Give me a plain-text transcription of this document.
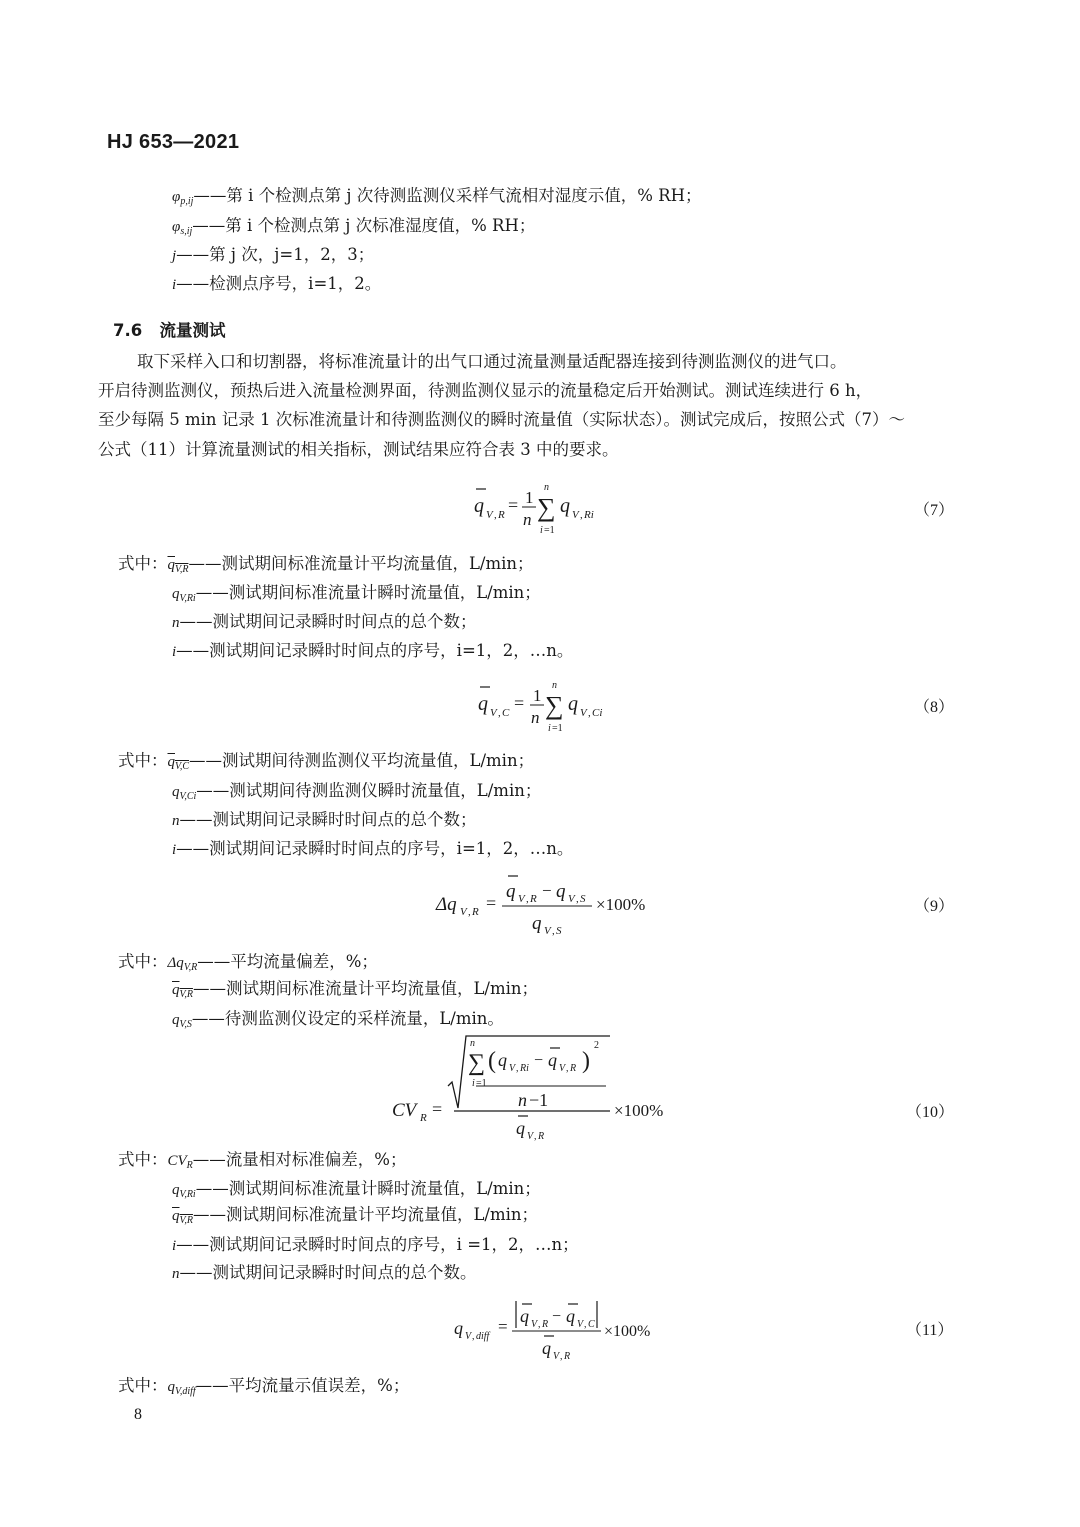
HJ 653—2021
$\varphi_{p,ij}——$第 i 个检测点第 j 次待测监测仪采样气流相对湿度示值，% RH；
$\varphi_{s,ij}——$第 i 个检测点第 j 次标准湿度值，% RH；
j——第 j 次，j=1，2，3；
i——检测点序号，i=1，2。
7.6 流量测试
取下采样入口和切割器，将标准流量计的出气口通过流量测量适配器连接到待测监测仪的进气口。
开启待测监测仪，预热后进入流量检测界面，待测监测仪显示的流量稳定后开始测试。测试连续进行 6 h，
至少每隔 5 min 记录 1 次标准流量计和待测监测仪的瞬时流量值（实际状态）。测试完成后，按照公式（7）～
公式（11）计算流量测试的相关指标，测试结果应符合表 3 中的要求。
q V , R = 1
n
n
∑
i =1
q V , Ri	（7）
式中：$q_{V,R}——$测试期间标准流量计平均流量值，L/min；
$q_{V,Ri}——$测试期间标准流量计瞬时流量值，L/min；
n——测试期间记录瞬时时间点的总个数；
i——测试期间记录瞬时时间点的序号，i=1，2，…n。
q V , C = 1
n
n
∑
i =1
q V , Ci	（8）
式中：$q_{V,C}——$测试期间待测监测仪平均流量值，L/min；
$q_{V,Ci}——$测试期间待测监测仪瞬时流量值，L/min；
n——测试期间记录瞬时时间点的总个数；
i——测试期间记录瞬时时间点的序号，i=1，2，…n。
Δq V , R =
q V , R − q V , S
q V , S
×100%	（9）
式中：$\Delta q_{V,R}——$平均流量偏差，%；
$q_{V,R}——$测试期间标准流量计平均流量值，L/min；
$q_{V,S}——$待测监测仪设定的采样流量，L/min。
CV R =
n
∑
i =1
( q V , Ri − q V , R )
2
n −1
q V , R
×100%	（10）
式中：$CV_R——$流量相对标准偏差，%；
$q_{V,Ri}——$测试期间标准流量计瞬时流量值，L/min；
$q_{V,R}——$测试期间标准流量计平均流量值，L/min；
i——测试期间记录瞬时时间点的序号，i =1，2，…n；
n——测试期间记录瞬时时间点的总个数。
q V , diff
=
q V , R − q V , C
q V , R
×100%	（11）
式中：$q_{V,diff}——$平均流量示值误差，%；
8
